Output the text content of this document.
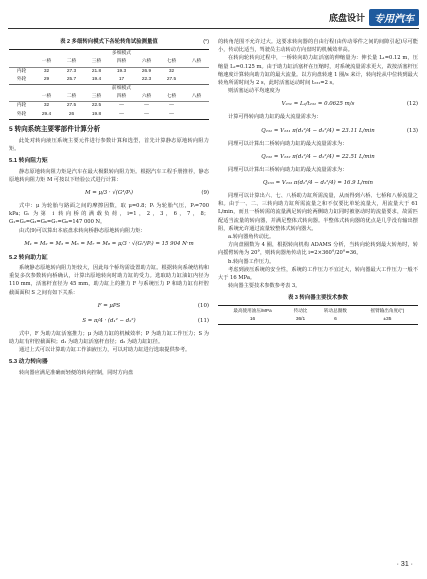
底盘设计 专用汽车
表 2 多细转向模式下各轮转角试验测量值	(°)
	多细模式						
	一桥	二桥	三桥	四桥	六桥	七桥	八桥
内轮	32	27.3	21.8	19.3	26.9	32	
外轮	29	25.7	19.4	17	22.3	27.5	
	前细模式						
	一桥	二桥	三桥	四桥	六桥	七桥	八桥
内轮	32	27.5	22.5	—	—	—	
外轮	29.4	26	19.8	—	—	—	
5 转向系统主要零部件计算分析

此处对转向液压系统主要元件进行参数计算和选型，首先计算静态原地转向阻力矩。

5.1 转向阻力矩

静态原地转向阻力矩是汽车在最大极限转向阻力矩。根据汽车工程手册推荐，静态原地转向阻力矩 M 可按以下经验公式进行计算：

M = μ/3 · √(G³/Pᵢ)	(9)

式中：μ 为轮胎与路面之间的摩擦因数，取 μ=0.8；Pᵢ 为轮胎气压，Pᵢ=700 kPa；Gᵢ 为第 i 转向桥的满载负荷，i=1，2，3，6，7，8；G₁=G₂=G₃=G₆=G₇=G₈=147 000 N。

由式(9)可以算出本底盘求转向桥静态原地转向阻力矩：

M₁ = M₂ = M₃ = M₆ = M₇ = M₈ = μ/3 · √(Gᵢ³/Pᵢ) = 15 904 N·m
5.2 转向助力缸

系统静态原地转向阻力矩较大，因此每个桥均需设置助力缸。根据转向系统结构和重复多次参数转向桥确认，计算出原地转向时助力缸的受力。选取助力缸油缸内径为 110 mm，活塞杆直径为 45 mm，助力缸上的推力 F 与系统压力 P 和助力缸有杆腔截面面积 S 之间有如下关系：

F = μPS	(10)
S = π/4 · (d₁² − d₂²)	(11)

式中，F 为助力缸活塞推力；μ 为助力缸的机械效率；P 为助力缸工作压力；S 为助力缸有杆腔截面积；d₁ 为助力缸活塞杆直径；d₂ 为助力缸缸径。

通过上式可以计算助力缸工作油液压力，可以对助力缸进行选取提供参考。

5.3 动力转向器

转向器应满足准确而轻便的转向控制，同时方向盘

的转角范围不允许过大。这要求转向器的自由行程(由传动零件之间的间隙引起)尽可能小，传动比适当，驾驶员主动转动方向盘时的机械效率高。

在转向轮转向过程中，一桥转向助力缸活塞的伸缩量为：伸长量 L₁=0.12 m，压缩量 L₂=0.125 m。由于助力缸活塞杆在压缩时，对系统流量需求更大，故按活塞杆压缩速度计算转向助力缸的最大流量。以方向盘转速 1 圈/s 来计，转向轮从中位转到最大转角所需时间为 2 s，此时活塞运动时间 t₂₃₁=2 s。

则活塞运动平均速度为

V₂₃₁ = L₂/t₂₃₁ = 0.0625 m/s	(12)

计算可得转向助力缸的最大流量需求为：

Q₂₃₁ = V₂₃₁ π(d₁²/4 − d₂²/4) = 23.11 L/min	(13)

同理可以计算出二桥转向助力缸的最大流量需求为：

Q₂₃₂ = V₂₃₂ π(d₁²/4 − d₂²/4) = 22.51 L/min

同理可以计算出三桥转向助力缸的最大流量需求为：

Q₂₃₃ = V₂₃₃ π(d₁²/4 − d₂²/4) = 16.9 L/min

同理可以计算出六、七、八桥助力缸所需流量，从而得到六桥、七桥和八桥流量之和。由于一、二、三转向助力缸所需流量之和不仅要比单轮流量大，用流量大于 61 L/min，而且一桥转需的流量满足转向轮两侧助力缸同时被驱动时的流量要求，故需匹配适当流量的转向器，并满足整体式转向器。半整体式转向器的优点是几乎没有输出摆阻，系统允许通过流量较整体式转向器大。

a.转向器角传动比。

方向盘圈数为 4 圈，根据转向机构 ADAMS 分析，当转向轮转到最大转角时，转向摇臂转角为 20°，则转向器角传动比 i=2×360°/20°=36。

b.转向器工作压力。

考虑到液压系统的安全性，系统的工作压力不宜过大，转向器最大工作压力一般不大于 16 MPa。

转向器主要技术参数参考表 3。

表 3 转向器主要技术参数
最高使用油压/MPa	传动比	转动总圈数	摇臂输出角度/(°)
16	36/1	6	±35
· 31 ·
